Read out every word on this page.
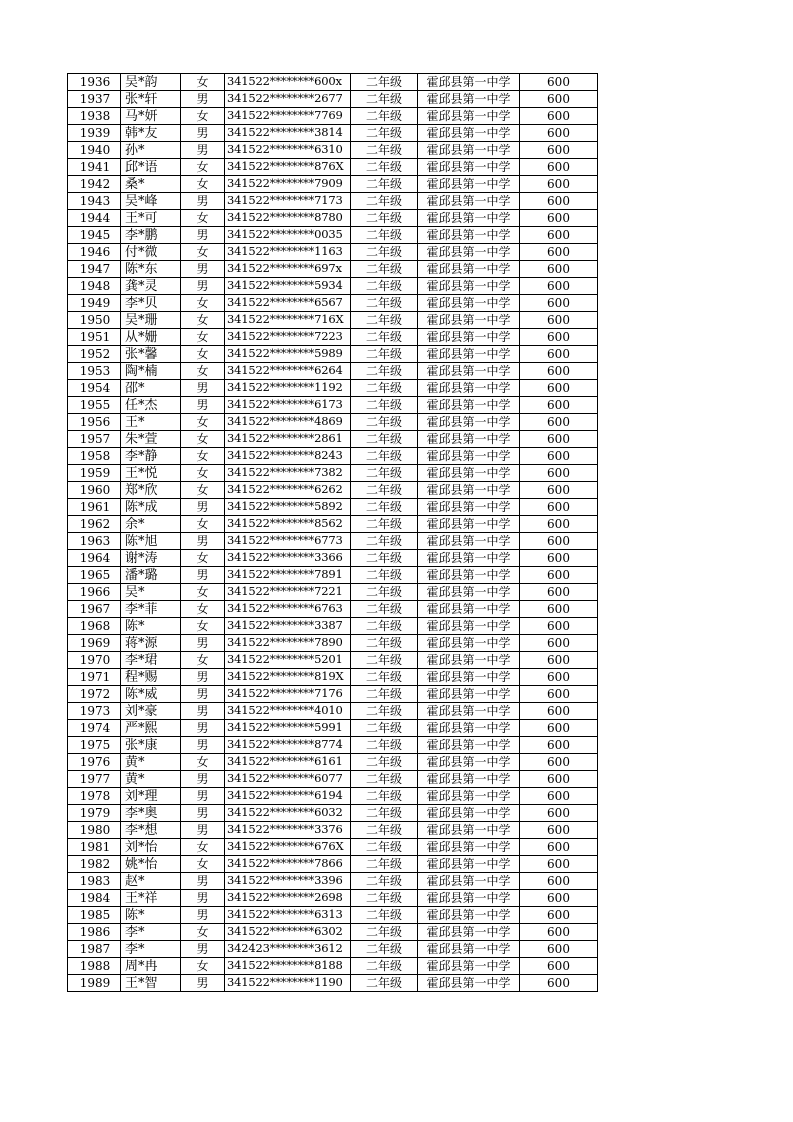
1936	吴*韵	女	341522********600x	二年级	霍邱县第一中学	600
1937	张*轩	男	341522********2677	二年级	霍邱县第一中学	600
1938	马*妍	女	341522********7769	二年级	霍邱县第一中学	600
1939	韩*友	男	341522********3814	二年级	霍邱县第一中学	600
1940	孙*	男	341522********6310	二年级	霍邱县第一中学	600
1941	邱*语	女	341522********876X	二年级	霍邱县第一中学	600
1942	桑*	女	341522********7909	二年级	霍邱县第一中学	600
1943	吴*峰	男	341522********7173	二年级	霍邱县第一中学	600
1944	王*可	女	341522********8780	二年级	霍邱县第一中学	600
1945	李*鹏	男	341522********0035	二年级	霍邱县第一中学	600
1946	付*微	女	341522********1163	二年级	霍邱县第一中学	600
1947	陈*东	男	341522********697x	二年级	霍邱县第一中学	600
1948	龚*灵	男	341522********5934	二年级	霍邱县第一中学	600
1949	李*贝	女	341522********6567	二年级	霍邱县第一中学	600
1950	吴*珊	女	341522********716X	二年级	霍邱县第一中学	600
1951	从*姗	女	341522********7223	二年级	霍邱县第一中学	600
1952	张*馨	女	341522********5989	二年级	霍邱县第一中学	600
1953	陶*楠	女	341522********6264	二年级	霍邱县第一中学	600
1954	邵*	男	341522********1192	二年级	霍邱县第一中学	600
1955	任*杰	男	341522********6173	二年级	霍邱县第一中学	600
1956	王*	女	341522********4869	二年级	霍邱县第一中学	600
1957	朱*萱	女	341522********2861	二年级	霍邱县第一中学	600
1958	李*静	女	341522********8243	二年级	霍邱县第一中学	600
1959	王*悦	女	341522********7382	二年级	霍邱县第一中学	600
1960	郑*欣	女	341522********6262	二年级	霍邱县第一中学	600
1961	陈*成	男	341522********5892	二年级	霍邱县第一中学	600
1962	余*	女	341522********8562	二年级	霍邱县第一中学	600
1963	陈*旭	男	341522********6773	二年级	霍邱县第一中学	600
1964	谢*涛	女	341522********3366	二年级	霍邱县第一中学	600
1965	潘*璐	男	341522********7891	二年级	霍邱县第一中学	600
1966	吴*	女	341522********7221	二年级	霍邱县第一中学	600
1967	李*菲	女	341522********6763	二年级	霍邱县第一中学	600
1968	陈*	女	341522********3387	二年级	霍邱县第一中学	600
1969	蒋*源	男	341522********7890	二年级	霍邱县第一中学	600
1970	李*珺	女	341522********5201	二年级	霍邱县第一中学	600
1971	程*赐	男	341522********819X	二年级	霍邱县第一中学	600
1972	陈*威	男	341522********7176	二年级	霍邱县第一中学	600
1973	刘*豪	男	341522********4010	二年级	霍邱县第一中学	600
1974	严*熙	男	341522********5991	二年级	霍邱县第一中学	600
1975	张*康	男	341522********8774	二年级	霍邱县第一中学	600
1976	黄*	女	341522********6161	二年级	霍邱县第一中学	600
1977	黄*	男	341522********6077	二年级	霍邱县第一中学	600
1978	刘*理	男	341522********6194	二年级	霍邱县第一中学	600
1979	李*奥	男	341522********6032	二年级	霍邱县第一中学	600
1980	李*想	男	341522********3376	二年级	霍邱县第一中学	600
1981	刘*怡	女	341522********676X	二年级	霍邱县第一中学	600
1982	姚*怡	女	341522********7866	二年级	霍邱县第一中学	600
1983	赵*	男	341522********3396	二年级	霍邱县第一中学	600
1984	王*祥	男	341522********2698	二年级	霍邱县第一中学	600
1985	陈*	男	341522********6313	二年级	霍邱县第一中学	600
1986	李*	女	341522********6302	二年级	霍邱县第一中学	600
1987	李*	男	342423********3612	二年级	霍邱县第一中学	600
1988	周*冉	女	341522********8188	二年级	霍邱县第一中学	600
1989	王*智	男	341522********1190	二年级	霍邱县第一中学	600
